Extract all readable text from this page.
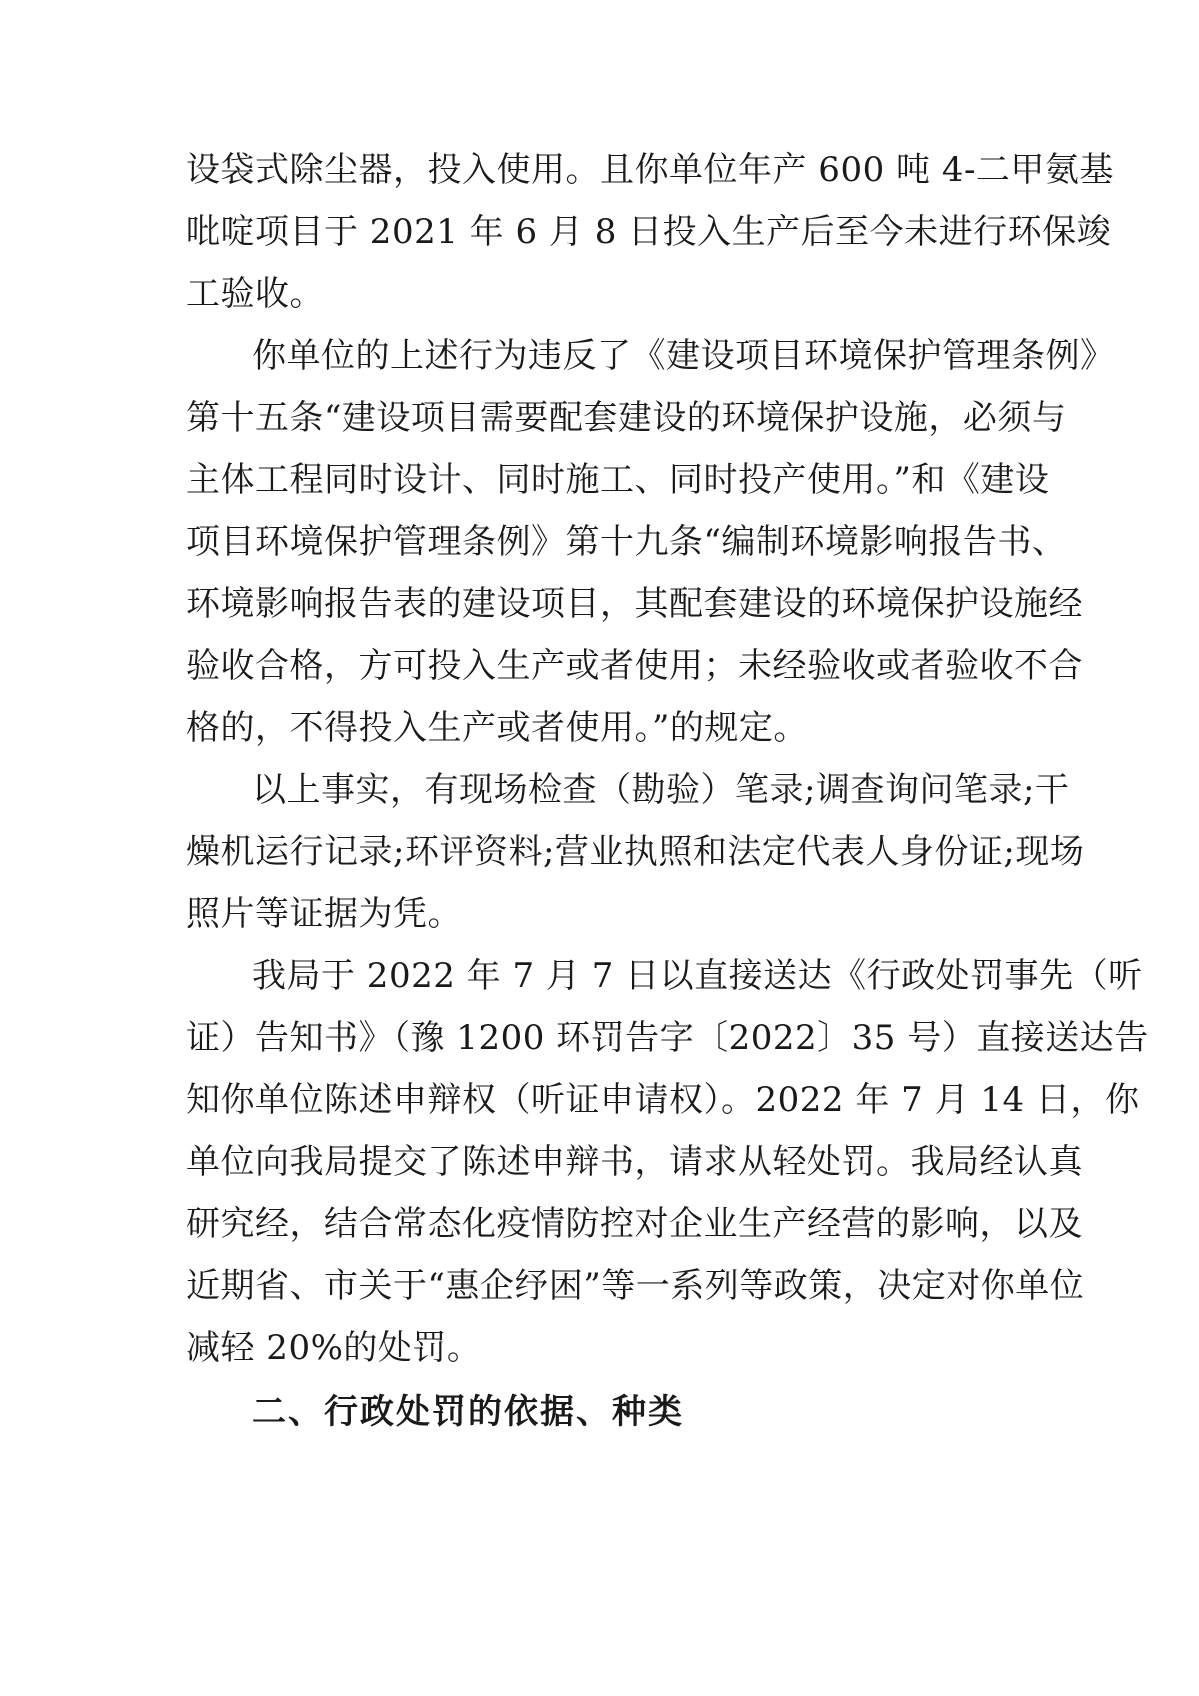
设袋式除尘器，投入使用。且你单位年产 600 吨 4-二甲氨基
吡啶项目于 2021 年 6 月 8 日投入生产后至今未进行环保竣
工验收。
你单位的上述行为违反了《建设项目环境保护管理条例》
第十五条“建设项目需要配套建设的环境保护设施，必须与
主体工程同时设计、同时施工、同时投产使用。”和《建设
项目环境保护管理条例》第十九条“编制环境影响报告书、
环境影响报告表的建设项目，其配套建设的环境保护设施经
验收合格，方可投入生产或者使用；未经验收或者验收不合
格的，不得投入生产或者使用。”的规定。
以上事实，有现场检查（勘验）笔录;调查询问笔录;干
燥机运行记录;环评资料;营业执照和法定代表人身份证;现场
照片等证据为凭。
我局于 2022 年 7 月 7 日以直接送达《行政处罚事先（听
证）告知书》（豫 1200 环罚告字〔2022〕35 号）直接送达告
知你单位陈述申辩权（听证申请权）。2022 年 7 月 14 日，你
单位向我局提交了陈述申辩书，请求从轻处罚。我局经认真
研究经，结合常态化疫情防控对企业生产经营的影响，以及
近期省、市关于“惠企纾困”等一系列等政策，决定对你单位
减轻 20%的处罚。
二、行政处罚的依据、种类
